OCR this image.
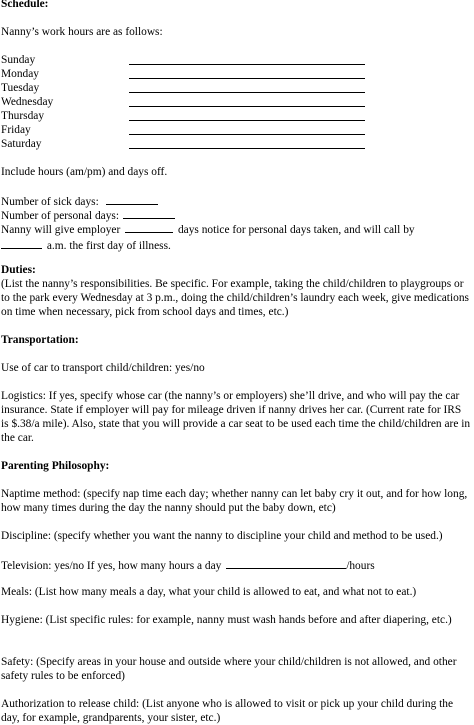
Schedule:
Nanny’s work hours are as follows:
Sunday
Monday
Tuesday
Wednesday
Thursday
Friday
Saturday
Include hours (am/pm) and days off.
Number of sick days:
Number of personal days:
Nanny will give employer	days notice for personal days taken, and will call by
a.m. the first day of illness.
Duties:
(List the nanny’s responsibilities. Be specific. For example, taking the child/children to playgroups or to the park every Wednesday at 3 p.m., doing the child/children’s laundry each week, give medications on time when necessary, pick from school days and times, etc.)
Transportation:
Use of car to transport child/children: yes/no
Logistics: If yes, specify whose car (the nanny’s or employers) she’ll drive, and who will pay the car insurance. State if employer will pay for mileage driven if nanny drives her car. (Current rate for IRS is $.38/a mile). Also, state that you will provide a car seat to be used each time the child/children are in the car.
Parenting Philosophy:
Naptime method: (specify nap time each day; whether nanny can let baby cry it out, and for how long, how many times during the day the nanny should put the baby down, etc)
Discipline: (specify whether you want the nanny to discipline your child and method to be used.)
Television: yes/no If yes, how many hours a day	/hours
Meals: (List how many meals a day, what your child is allowed to eat, and what not to eat.)
Hygiene: (List specific rules: for example, nanny must wash hands before and after diapering, etc.)
Safety: (Specify areas in your house and outside where your child/children is not allowed, and other safety rules to be enforced)
Authorization to release child: (List anyone who is allowed to visit or pick up your child during the day, for example, grandparents, your sister, etc.)
